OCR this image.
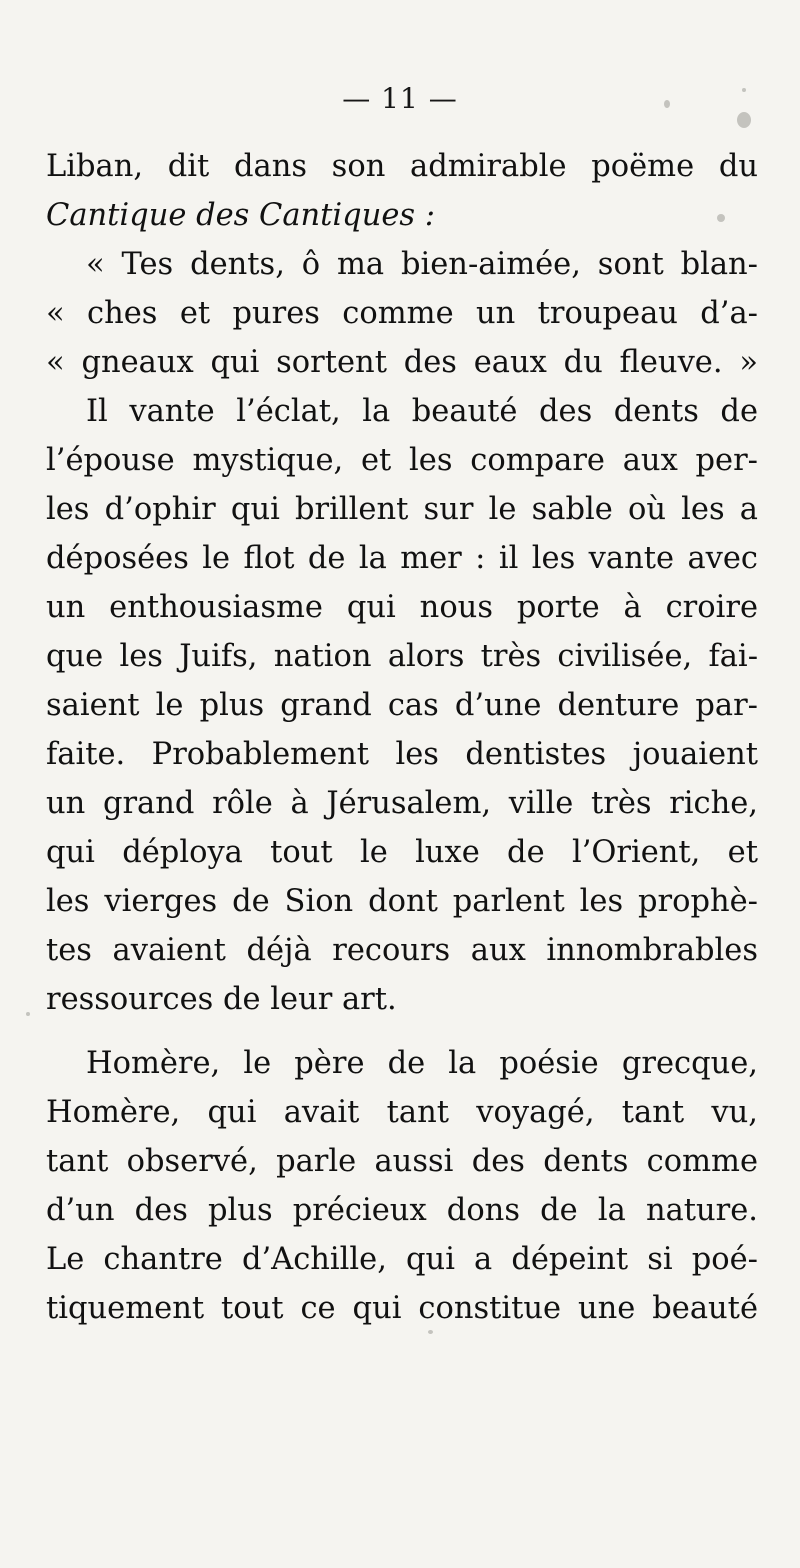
— 11 —
Liban, dit dans son admirable poëme du
Cantique des Cantiques :
« Tes dents, ô ma bien-aimée, sont blan-
« ches et pures comme un troupeau d’a-
« gneaux qui sortent des eaux du fleuve. »
Il vante l’éclat, la beauté des dents de
l’épouse mystique, et les compare aux per-
les d’ophir qui brillent sur le sable où les a
déposées le flot de la mer : il les vante avec
un enthousiasme qui nous porte à croire
que les Juifs, nation alors très civilisée, fai-
saient le plus grand cas d’une denture par-
faite. Probablement les dentistes jouaient
un grand rôle à Jérusalem, ville très riche,
qui déploya tout le luxe de l’Orient, et
les vierges de Sion dont parlent les prophè-
tes avaient déjà recours aux innombrables
ressources de leur art.
Homère, le père de la poésie grecque,
Homère, qui avait tant voyagé, tant vu,
tant observé, parle aussi des dents comme
d’un des plus précieux dons de la nature.
Le chantre d’Achille, qui a dépeint si poé-
tiquement tout ce qui constitue une beauté
